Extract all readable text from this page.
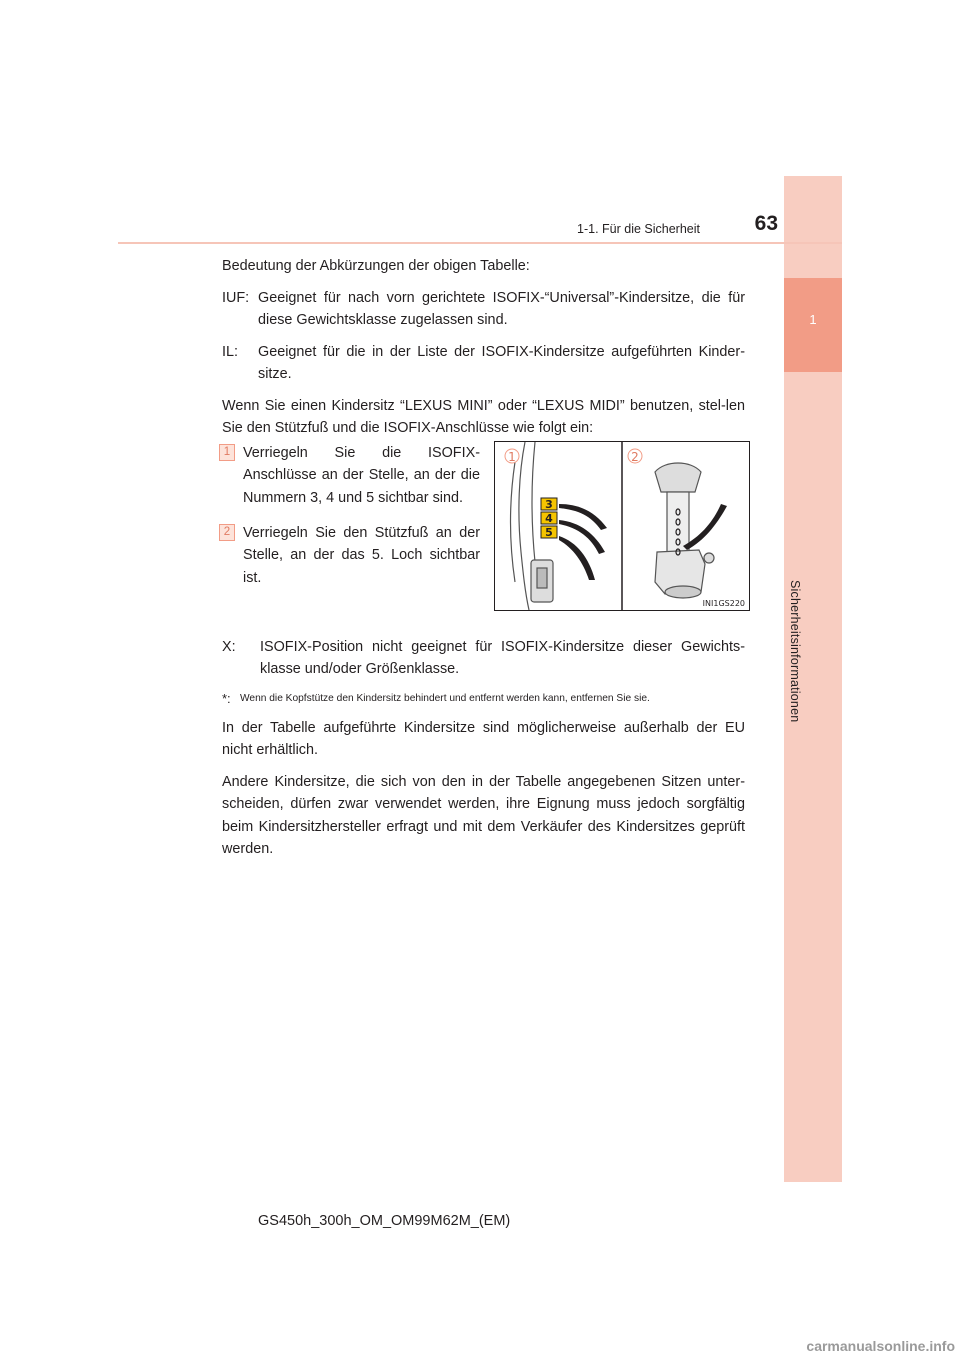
1
Sicherheitsinformationen
1-1. Für die Sicherheit	63

Bedeutung der Abkürzungen der obigen Tabelle:

IUF: Geeignet für nach vorn gerichtete ISOFIX-“Universal”-Kindersitze, die für diese Gewichtsklasse zugelassen sind.
IL:	Geeignet für die in der Liste der ISOFIX-Kindersitze aufgeführten Kinder-sitze.

Wenn Sie einen Kindersitz “LEXUS MINI” oder “LEXUS MIDI” benutzen, stel-len Sie den Stützfuß und die ISOFIX-Anschlüsse wie folgt ein:

1 Verriegeln Sie die ISOFIX-Anschlüsse an der Stelle, an der die Nummern 3, 4 und 5 sichtbar sind.
2 Verriegeln Sie den Stützfuß an der Stelle, an der das 5. Loch sichtbar ist.
3
4
5
1	2
INI1GS220
X:	ISOFIX-Position nicht geeignet für ISOFIX-Kindersitze dieser Gewichts-klasse und/oder Größenklasse.
*: Wenn die Kopfstütze den Kindersitz behindert und entfernt werden kann, entfernen Sie sie.

In der Tabelle aufgeführte Kindersitze sind möglicherweise außerhalb der EU nicht erhältlich.

Andere Kindersitze, die sich von den in der Tabelle angegebenen Sitzen unter-scheiden, dürfen zwar verwendet werden, ihre Eignung muss jedoch sorgfältig beim Kindersitzhersteller erfragt und mit dem Verkäufer des Kindersitzes geprüft werden.

GS450h_300h_OM_OM99M62M_(EM)
carmanualsonline.info
